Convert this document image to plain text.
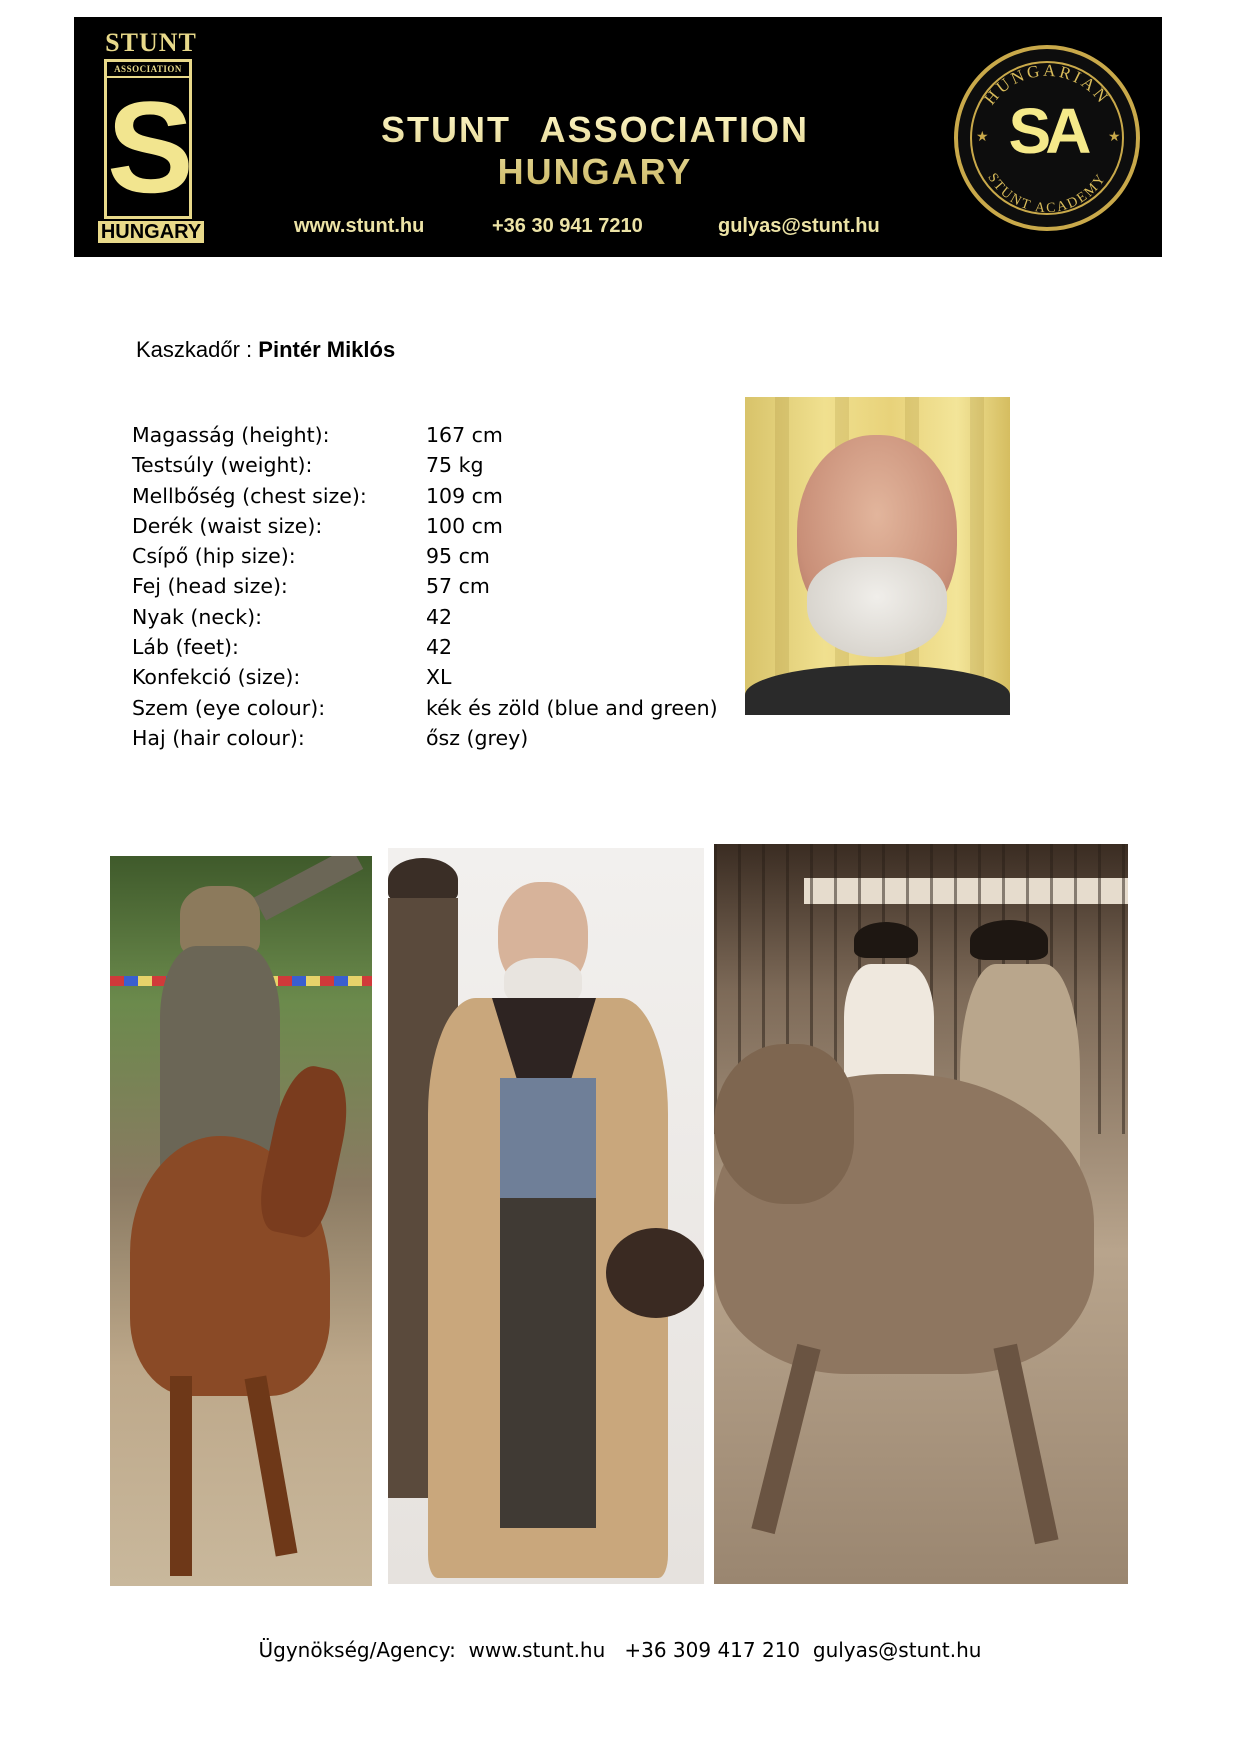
STUNT
ASSOCIATION
S
HUNGARY
STUNT ASSOCIATION HUNGARY
www.stunt.hu	+36 30 941 7210	gulyas@stunt.hu
HUNGARIAN
STUNT ACADEMY
SA
★	★
Kaszkadőr : Pintér Miklós
Magasság (height):	167 cm
Testsúly (weight):	75 kg
Mellbőség (chest size):	109 cm
Derék (waist size):	100 cm
Csípő (hip size):	95 cm
Fej (head size):	57 cm
Nyak (neck):	42
Láb (feet):	42
Konfekció (size):	XL
Szem (eye colour):	kék és zöld (blue and green)
Haj (hair colour):	ősz (grey)
Ügynökség/Agency:  www.stunt.hu   +36 309 417 210  gulyas@stunt.hu
